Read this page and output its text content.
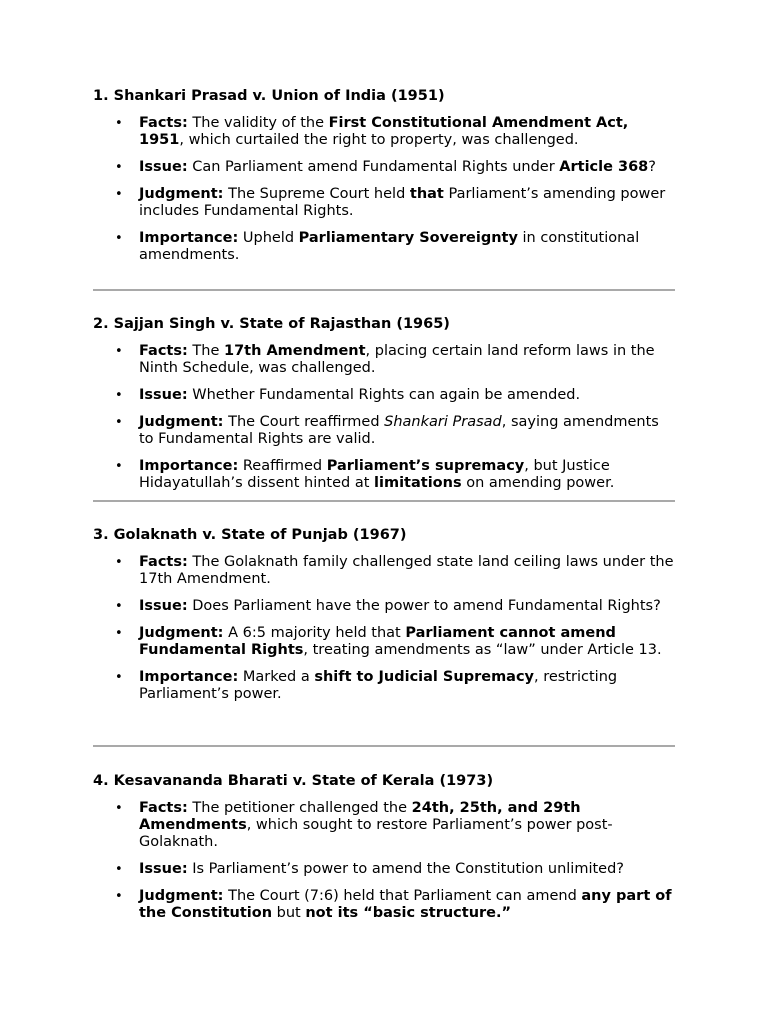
1. Shankari Prasad v. Union of India (1951)
• Facts: The validity of the First Constitutional Amendment Act, 1951, which curtailed the right to property, was challenged.
• Issue: Can Parliament amend Fundamental Rights under Article 368?
• Judgment: The Supreme Court held that Parliament’s amending power includes Fundamental Rights.
• Importance: Upheld Parliamentary Sovereignty in constitutional amendments.
2. Sajjan Singh v. State of Rajasthan (1965)
• Facts: The 17th Amendment, placing certain land reform laws in the Ninth Schedule, was challenged.
• Issue: Whether Fundamental Rights can again be amended.
• Judgment: The Court reaffirmed Shankari Prasad, saying amendments to Fundamental Rights are valid.
• Importance: Reaffirmed Parliament’s supremacy, but Justice Hidayatullah’s dissent hinted at limitations on amending power.
3. Golaknath v. State of Punjab (1967)
• Facts: The Golaknath family challenged state land ceiling laws under the 17th Amendment.
• Issue: Does Parliament have the power to amend Fundamental Rights?
• Judgment: A 6:5 majority held that Parliament cannot amend Fundamental Rights, treating amendments as “law” under Article 13.
• Importance: Marked a shift to Judicial Supremacy, restricting Parliament’s power.
4. Kesavananda Bharati v. State of Kerala (1973)
• Facts: The petitioner challenged the 24th, 25th, and 29th Amendments, which sought to restore Parliament’s power post-Golaknath.
• Issue: Is Parliament’s power to amend the Constitution unlimited?
• Judgment: The Court (7:6) held that Parliament can amend any part of the Constitution but not its “basic structure.”
